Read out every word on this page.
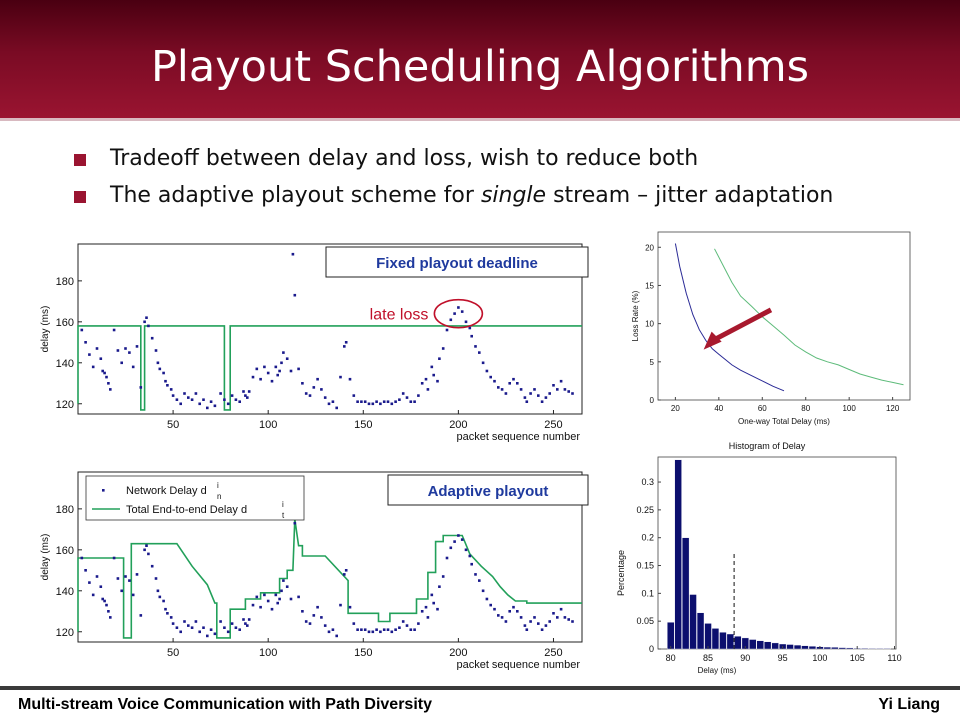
Playout Scheduling Algorithms
Tradeoff between delay and loss, wish to reduce both
The adaptive playout scheme for single stream – jitter adaptation
50	100	150	200	250
120
140
160
180
packet sequence number
delay (ms)
Fixed playout deadline
late loss
20	40	60	80	100	120
0
5
10
15
20
One-way Total Delay (ms)
Loss Rate (%)
Histogram of Delay
80	85	90	95	100 105	110
0
0.05
0.1
0.15
0.2
0.25
0.3
Delay (ms)
Percentage
50	100	150	200	250
120
140
160
180
packet sequence number
delay (ms)
Network Delay d n
i
Total End-to-end Delay d	t
i
Adaptive playout
Multi-stream Voice Communication with Path Diversity	Yi Liang
